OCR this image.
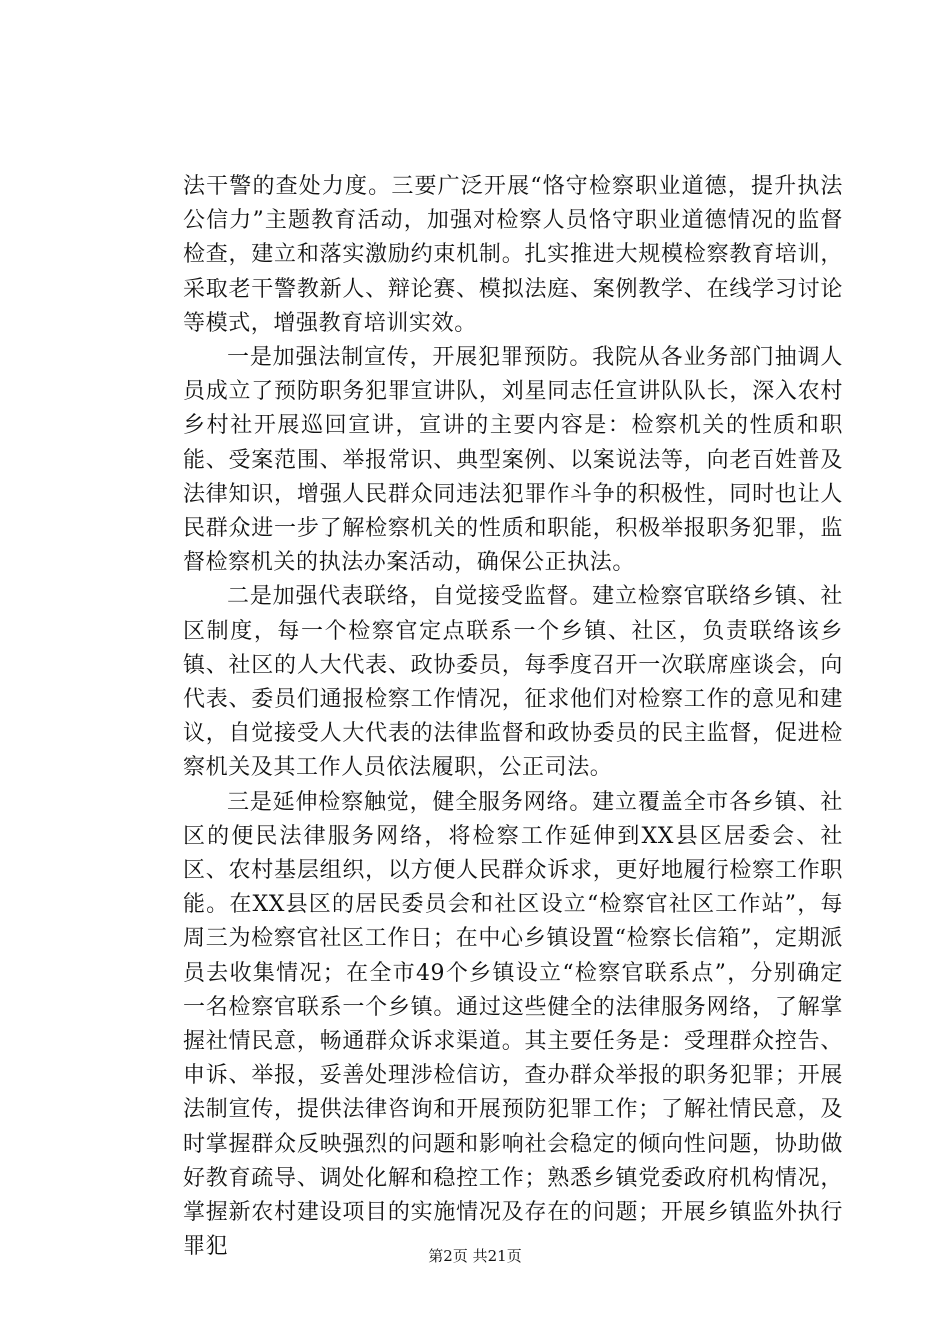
法干警的查处力度。三要广泛开展“恪守检察职业道德，提升执法公信力”主题教育活动，加强对检察人员恪守职业道德情况的监督检查，建立和落实激励约束机制。扎实推进大规模检察教育培训，采取老干警教新人、辩论赛、模拟法庭、案例教学、在线学习讨论等模式，增强教育培训实效。

一是加强法制宣传，开展犯罪预防。我院从各业务部门抽调人员成立了预防职务犯罪宣讲队，刘星同志任宣讲队队长，深入农村乡村社开展巡回宣讲，宣讲的主要内容是：检察机关的性质和职能、受案范围、举报常识、典型案例、以案说法等，向老百姓普及法律知识，增强人民群众同违法犯罪作斗争的积极性，同时也让人民群众进一步了解检察机关的性质和职能，积极举报职务犯罪，监督检察机关的执法办案活动，确保公正执法。

二是加强代表联络，自觉接受监督。建立检察官联络乡镇、社区制度，每一个检察官定点联系一个乡镇、社区，负责联络该乡镇、社区的人大代表、政协委员，每季度召开一次联席座谈会，向代表、委员们通报检察工作情况，征求他们对检察工作的意见和建议，自觉接受人大代表的法律监督和政协委员的民主监督，促进检察机关及其工作人员依法履职，公正司法。

三是延伸检察触觉，健全服务网络。建立覆盖全市各乡镇、社区的便民法律服务网络，将检察工作延伸到XX县区居委会、社区、农村基层组织，以方便人民群众诉求，更好地履行检察工作职能。在XX县区的居民委员会和社区设立“检察官社区工作站”，每周三为检察官社区工作日；在中心乡镇设置“检察长信箱”，定期派员去收集情况；在全市49个乡镇设立“检察官联系点”，分别确定一名检察官联系一个乡镇。通过这些健全的法律服务网络，了解掌握社情民意，畅通群众诉求渠道。其主要任务是：受理群众控告、申诉、举报，妥善处理涉检信访，查办群众举报的职务犯罪；开展法制宣传，提供法律咨询和开展预防犯罪工作；了解社情民意，及时掌握群众反映强烈的问题和影响社会稳定的倾向性问题，协助做好教育疏导、调处化解和稳控工作；熟悉乡镇党委政府机构情况，掌握新农村建设项目的实施情况及存在的问题；开展乡镇监外执行罪犯	第2页 共21页
